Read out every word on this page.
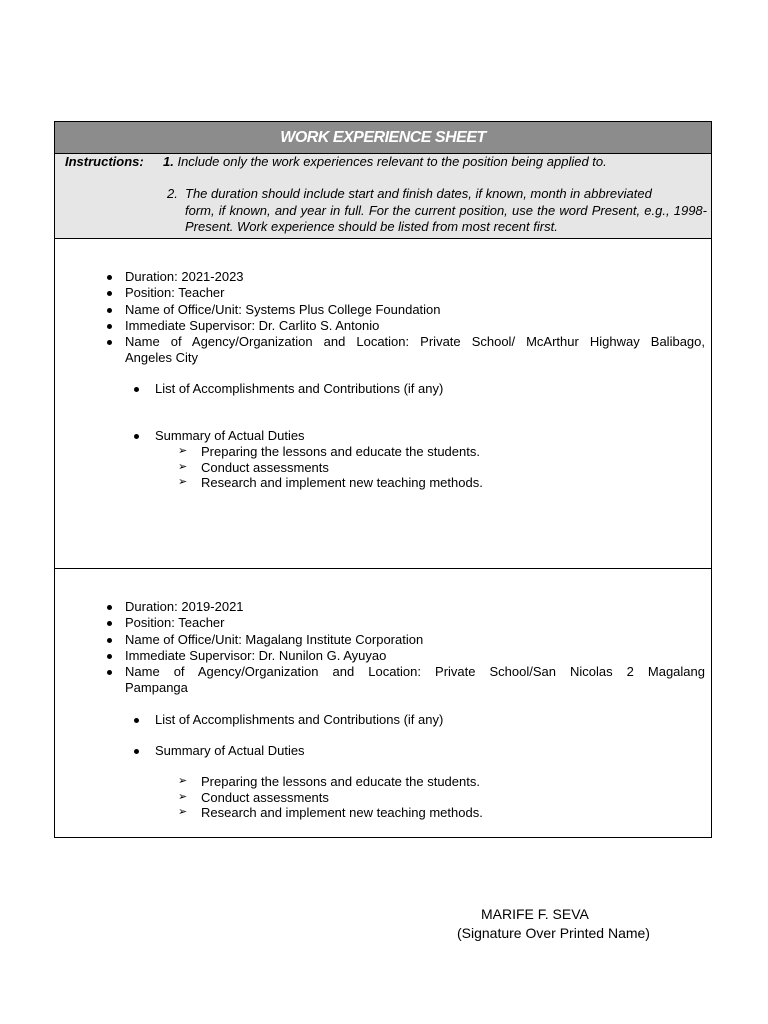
WORK EXPERIENCE SHEET
Instructions: 1. Include only the work experiences relevant to the position being applied to.
2. The duration should include start and finish dates, if known, month in abbreviated
form, if known, and year in full. For the current position, use the word Present, e.g., 1998-Present. Work experience should be listed from most recent first.
Duration: 2021-2023
Position: Teacher
Name of Office/Unit: Systems Plus College Foundation
Immediate Supervisor: Dr. Carlito S. Antonio
Name of Agency/Organization and Location: Private School/ McArthur Highway Balibago,
Angeles City
List of Accomplishments and Contributions (if any)
Summary of Actual Duties
➢ Preparing the lessons and educate the students.
➢ Conduct assessments
➢ Research and implement new teaching methods.
Duration: 2019-2021
Position: Teacher
Name of Office/Unit: Magalang Institute Corporation
Immediate Supervisor: Dr. Nunilon G. Ayuyao
Name of Agency/Organization and Location: Private School/San Nicolas 2 Magalang
Pampanga
List of Accomplishments and Contributions (if any)
Summary of Actual Duties
➢ Preparing the lessons and educate the students.
➢ Conduct assessments
➢ Research and implement new teaching methods.
MARIFE F. SEVA
(Signature Over Printed Name)
